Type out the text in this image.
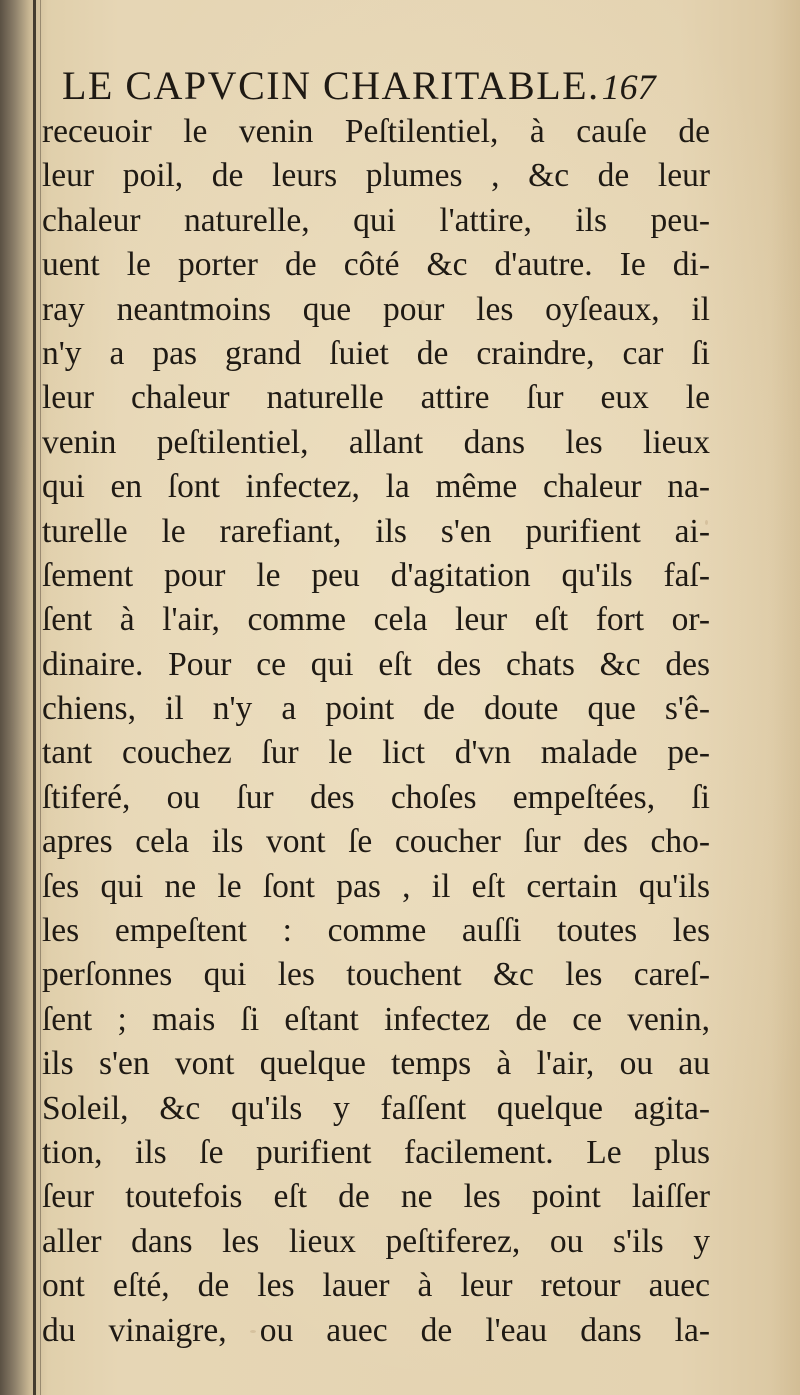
LE CAPVCIN CHARITABLE. 167
receuoir le venin Peſtilentiel, à cauſe de
leur poil, de leurs plumes , &c de leur
chaleur naturelle, qui l'attire, ils peu-
uent le porter de côté &c d'autre. Ie di-
ray neantmoins que pour les oyſeaux, il
n'y a pas grand ſuiet de craindre, car ſi
leur chaleur naturelle attire ſur eux le
venin peſtilentiel, allant dans les lieux
qui en ſont infectez, la même chaleur na-
turelle le rarefiant, ils s'en purifient ai-
ſement pour le peu d'agitation qu'ils faſ-
ſent à l'air, comme cela leur eſt fort or-
dinaire. Pour ce qui eſt des chats &c des
chiens, il n'y a point de doute que s'ê-
tant couchez ſur le lict d'vn malade pe-
ſtiferé, ou ſur des choſes empeſtées, ſi
apres cela ils vont ſe coucher ſur des cho-
ſes qui ne le ſont pas , il eſt certain qu'ils
les empeſtent : comme auſſi toutes les
perſonnes qui les touchent &c les careſ-
ſent ; mais ſi eſtant infectez de ce venin,
ils s'en vont quelque temps à l'air, ou au
Soleil, &c qu'ils y faſſent quelque agita-
tion, ils ſe purifient facilement. Le plus
ſeur toutefois eſt de ne les point laiſſer
aller dans les lieux peſtiferez, ou s'ils y
ont eſté, de les lauer à leur retour auec
du vinaigre, ou auec de l'eau dans la-
